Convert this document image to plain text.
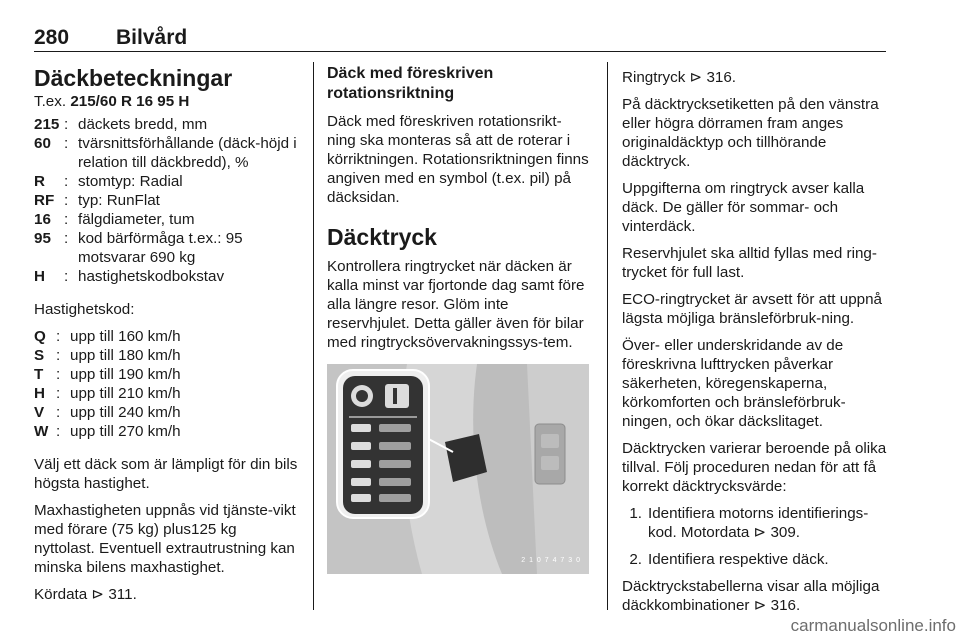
280 Bilvård
Däckbeteckningar

T.ex. 215/60 R 16 95 H

215 : däckets bredd, mm
60 : tvärsnittsförhållande (däck-höjd i relation till däckbredd), %
R	: stomtyp: Radial
RF : typ: RunFlat
16 : fälgdiameter, tum
95 : kod bärförmåga t.ex.: 95 motsvarar 690 kg
H	: hastighetskodbokstav

Hastighetskod:

Q : upp till 160 km/h
S : upp till 180 km/h
T : upp till 190 km/h
H : upp till 210 km/h
V : upp till 240 km/h
W : upp till 270 km/h

Välj ett däck som är lämpligt för din bils högsta hastighet.

Maxhastigheten uppnås vid tjänste-vikt med förare (75 kg) plus125 kg nyttolast. Eventuell extrautrustning kan minska bilens maxhastighet.

Kördata ⊳ 311.

Däck med föreskriven rotationsriktning

Däck med föreskriven rotationsrikt-ning ska monteras så att de roterar i körriktningen. Rotationsriktningen finns angiven med en symbol (t.ex. pil) på däcksidan.

Däcktryck

Kontrollera ringtrycket när däcken är kalla minst var fjortonde dag samt före alla längre resor. Glöm inte reservhjulet. Detta gäller även för bilar med ringtrycksövervakningssys-tem.

2 1 0 7 4 7 3 0

Ringtryck ⊳ 316.

På däcktrycksetiketten på den vänstra eller högra dörramen fram anges originaldäcktyp och tillhörande däcktryck.

Uppgifterna om ringtryck avser kalla däck. De gäller för sommar- och vinterdäck.

Reservhjulet ska alltid fyllas med ring-trycket för full last.

ECO-ringtrycket är avsett för att uppnå lägsta möjliga bränsleförbruk-ning.

Över- eller underskridande av de föreskrivna lufttrycken påverkar säkerheten, köregenskaperna, körkomforten och bränsleförbruk-ningen, och ökar däckslitaget.

Däcktrycken varierar beroende på olika tillval. Följ proceduren nedan för att få korrekt däcktrycksvärde:

1. Identifiera motorns identifierings-kod. Motordata ⊳ 309.
2. Identifiera respektive däck.

Däcktryckstabellerna visar alla möjliga däckkombinationer ⊳ 316.

carmanualsonline.info
